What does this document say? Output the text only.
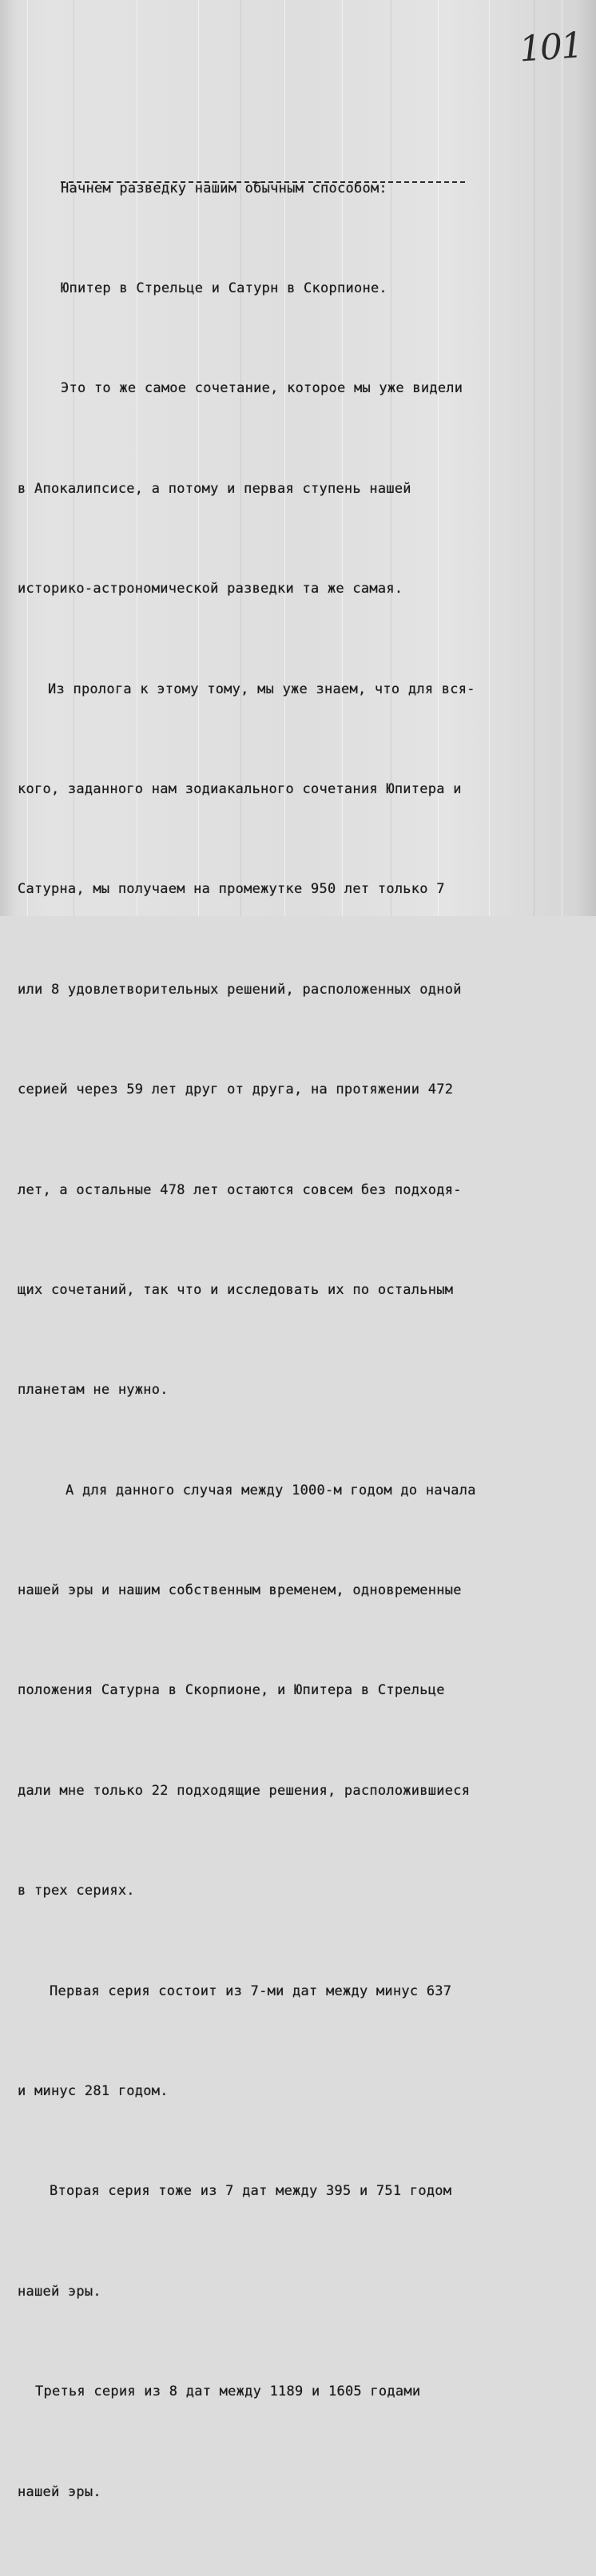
101

Начнем разведку нашим обычным способом:

Юпитер в Стрельце и Сатурн в Скорпионе.

Это то же самое сочетание, которое мы уже видели

в Апокалипсисе, а потому и первая ступень нашей

историко-астрономической разведки та же самая.

Из пролога к этому тому, мы уже знаем, что для вся-

кого, заданного нам зодиакального сочетания Юпитера и

Сатурна, мы получаем на промежутке 950 лет только 7

или 8 удовлетворительных решений, расположенных одной

серией через 59 лет друг от друга, на протяжении 472

лет, а остальные 478 лет остаются совсем без подходя-

щих сочетаний, так что и исследовать их по остальным

планетам не нужно.

А для данного случая между 1000-м годом до начала

нашей эры и нашим собственным временем, одновременные

положения Сатурна в Скорпионе, и Юпитера в Стрельце

дали мне только 22 подходящие решения, расположившиеся

в трех сериях.

Первая серия состоит из 7-ми дат между минус 637

и минус 281 годом.

Вторая серия тоже из 7 дат между 395 и 751 годом

нашей эры.

Третья серия из 8 дат между 1189 и 1605 годами

нашей эры.
